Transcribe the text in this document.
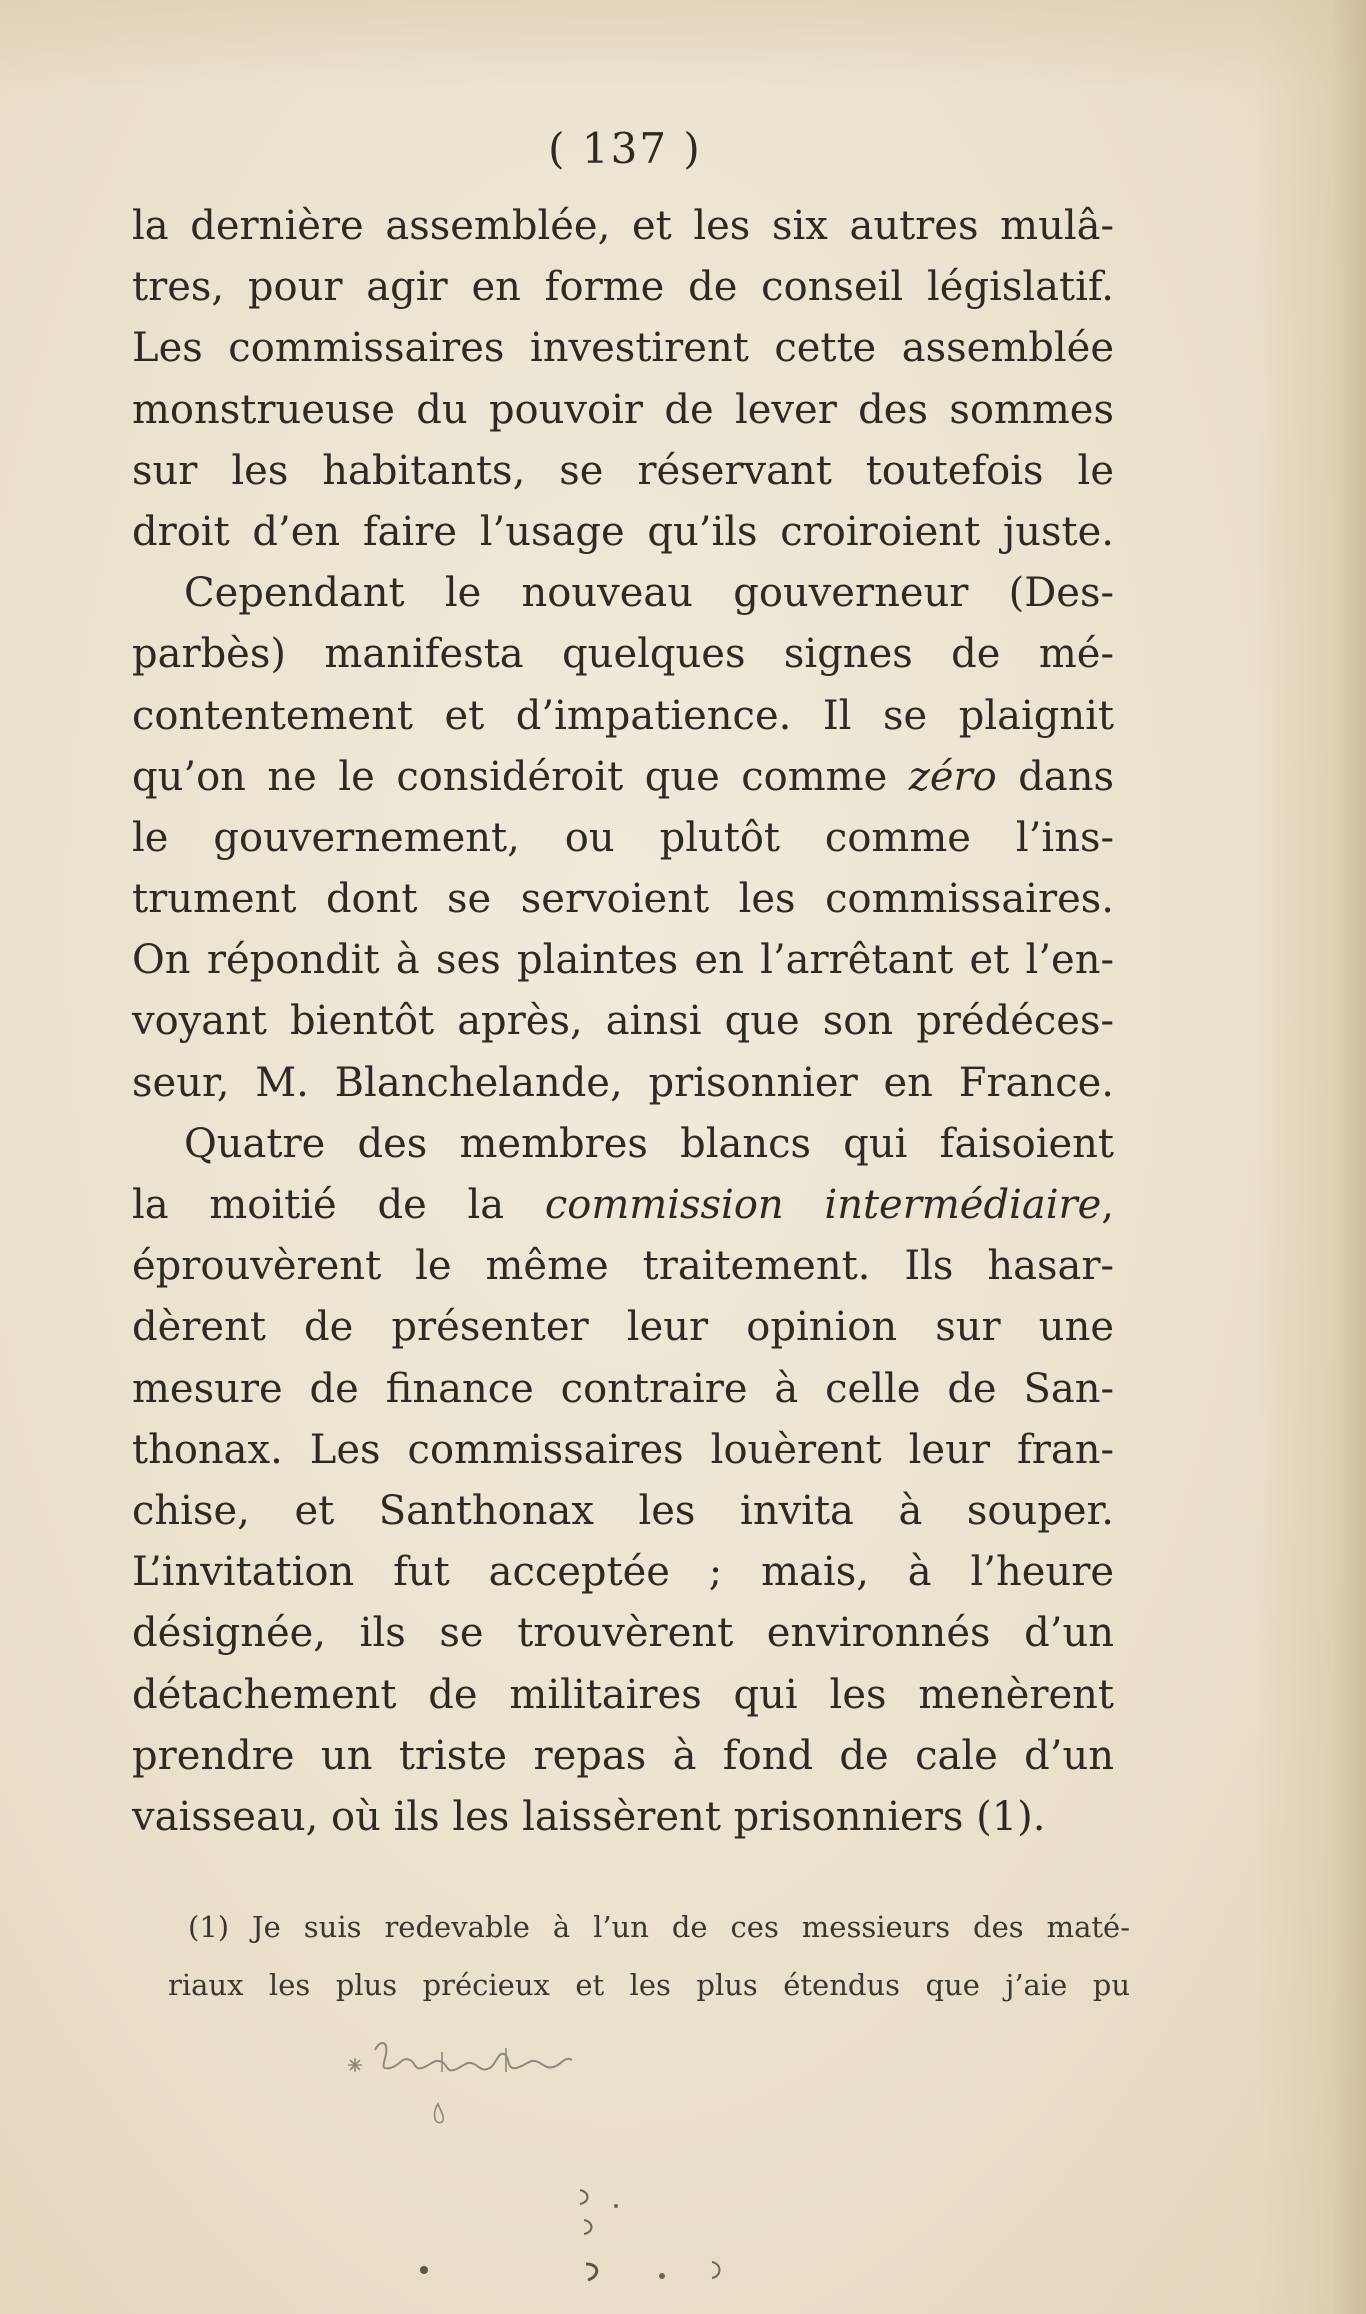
( 137 )
la dernière assemblée, et les six autres mulâ-
tres, pour agir en forme de conseil législatif.
Les commissaires investirent cette assemblée
monstrueuse du pouvoir de lever des sommes
sur les habitants, se réservant toutefois le
droit d’en faire l’usage qu’ils croiroient juste.
Cependant le nouveau gouverneur (Des-
parbès) manifesta quelques signes de mé-
contentement et d’impatience. Il se plaignit
qu’on ne le considéroit que comme zéro dans
le gouvernement, ou plutôt comme l’ins-
trument dont se servoient les commissaires.
On répondit à ses plaintes en l’arrêtant et l’en-
voyant bientôt après, ainsi que son prédéces-
seur, M. Blanchelande, prisonnier en France.
Quatre des membres blancs qui faisoient
la moitié de la commission intermédiaire,
éprouvèrent le même traitement. Ils hasar-
dèrent de présenter leur opinion sur une
mesure de finance contraire à celle de San-
thonax. Les commissaires louèrent leur fran-
chise, et Santhonax les invita à souper.
L’invitation fut acceptée ; mais, à l’heure
désignée, ils se trouvèrent environnés d’un
détachement de militaires qui les menèrent
prendre un triste repas à fond de cale d’un
vaisseau, où ils les laissèrent prisonniers (1).
(1) Je suis redevable à l’un de ces messieurs des maté-
riaux les plus précieux et les plus étendus que j’aie pu
